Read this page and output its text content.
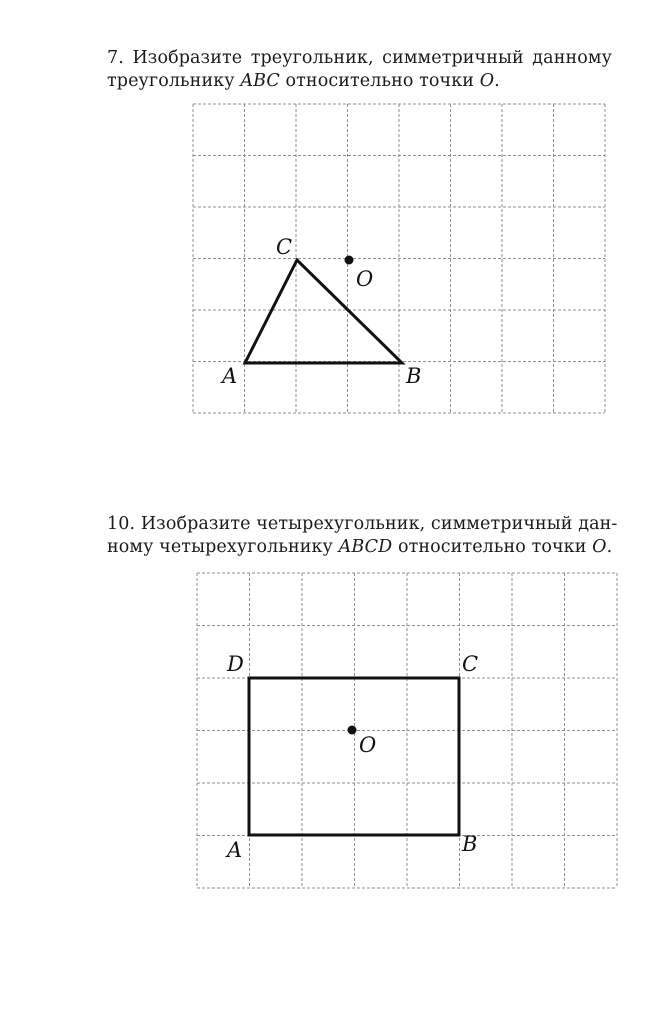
7. Изобразите треугольник, симметричный данному
треугольнику ABC относительно точки O.
A	B
C
O
10. Изобразите четырехугольник, симметричный дан-
ному четырехугольнику ABCD относительно точки O.
A	B
C
D
O
